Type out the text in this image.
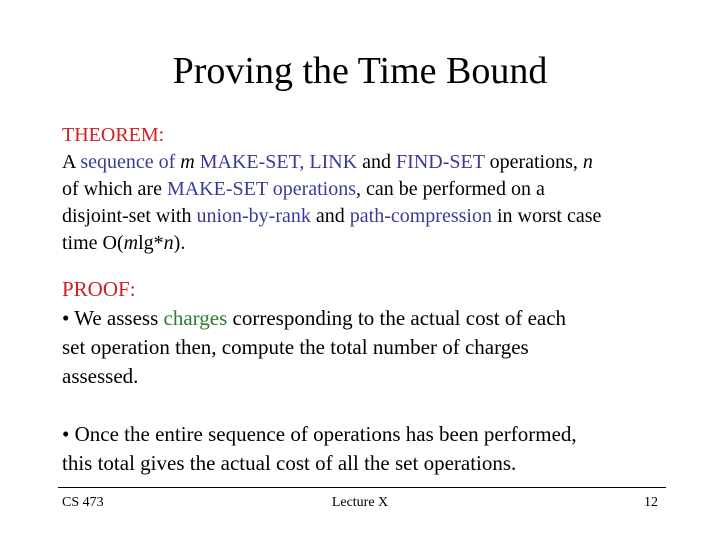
Proving the Time Bound
THEOREM:
A sequence of m MAKE-SET, LINK and FIND-SET operations, n
of which are MAKE-SET operations, can be performed on a
disjoint-set with union-by-rank and path-compression in worst case
time O(mlg*n).
PROOF:
• We assess charges corresponding to the actual cost of each
set operation then, compute the total number of charges
assessed.
• Once the entire sequence of operations has been performed,
this total gives the actual cost of all the set operations.
CS 473	Lecture X	12
